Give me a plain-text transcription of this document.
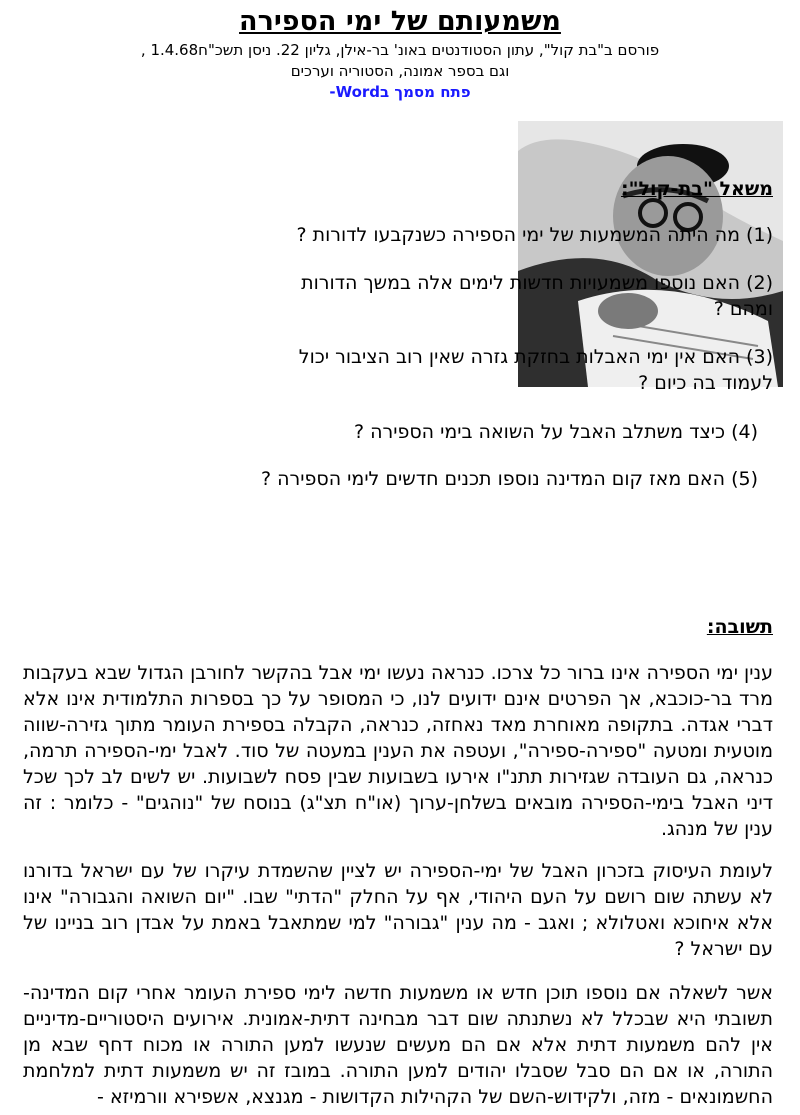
משמעותם של ימי הספירה
פורסם ב"בת קול", עתון הסטודנטים באונ' בר-אילן, גליון 22. ניסן תשכ"ח1.4.68 ,
וגם בספר אמונה, הסטוריה וערכים
פתח מסמך בWord-
משאל "בת-קול":
(1) מה היתה המשמעות של ימי הספירה כשנקבעו לדורות ?
(2) האם נוספו משמעויות חדשות לימים אלה במשך הדורות ומהם ?
(3) האם אין ימי האבלות בחזקת גזרה שאין רוב הציבור יכול לעמוד בה כיום ?
(4) כיצד משתלב האבל על השואה בימי הספירה ?
(5) האם מאז קום המדינה נוספו תכנים חדשים לימי הספירה ?
תשובה:
ענין ימי הספירה אינו ברור כל צרכו. כנראה נעשו ימי אבל בהקשר לחורבן הגדול שבא בעקבות מרד בר-כוכבא, אך הפרטים אינם ידועים לנו, כי המסופר על כך בספרות התלמודית אינו אלא דברי אגדה. בתקופה מאוחרת מאד נאחזה, כנראה, הקבלה בספירת העומר מתוך גזירה-שווה מוטעית ומטעה "ספירה-ספירה", ועטפה את הענין במעטה של סוד. לאבל ימי-הספירה תרמה, כנראה, גם העובדה שגזירות תתנ"ו אירעו בשבועות שבין פסח לשבועות. יש לשים לב לכך שכל דיני האבל בימי-הספירה מובאים בשלחן-ערוך (או"ח תצ"ג) בנוסח של "נוהגים" - כלומר : זה ענין של מנהג.
לעומת העיסוק בזכרון האבל של ימי-הספירה יש לציין שהשמדת עיקרו של עם ישראל בדורנו לא עשתה שום רושם על העם היהודי, אף על החלק "הדתי" שבו. "יום השואה והגבורה" אינו אלא איחוכא ואטלולא ; ואגב - מה ענין "גבורה" למי שמתאבל באמת על אבדן רוב בניינו של עם ישראל ?
אשר לשאלה אם נוספו תוכן חדש או משמעות חדשה לימי ספירת העומר אחרי קום המדינה- תשובתי היא שבכלל לא נשתנתה שום דבר מבחינה דתית-אמונית. אירועים היסטוריים-מדיניים אין להם משמעות דתית אלא אם הם מעשים שנעשו למען התורה או מכוח דחף שבא מן התורה, או אם הם סבל שסבלו יהודים למען התורה. במובז זה יש משמעות דתית למלחמת החשמונאים - מזה, ולקידוש-השם של הקהילות הקדושות - מגנצא, אשפירא וורמיזא -
